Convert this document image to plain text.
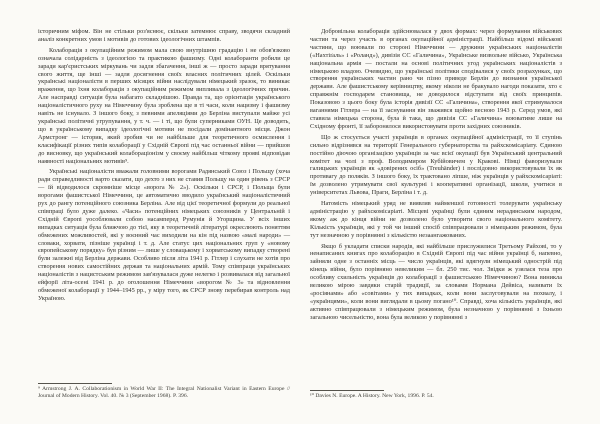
історичним міфом. Він не стільки роз'яснює, скільки затемнює справу, зводячи складний аналіз конкретних умов і мотивів до готових ідеологічних штампів.

Колаборація з окупаційним режимом мала свою внутрішню градацію і не обов'язково означала солідарність з ідеологією та практикою фашизму. Одні колаборанти робили це заради кар'єристських міркувань чи задля збагачення, інші ж — просто заради врятування свого життя, ще інші — задля досягнення своїх власних політичних цілей. Оскільки українські націоналісти в перших місяцях війни наслідували німецький зразок, то виникає враження, що їхня колаборація з окупаційним режимом випливала з ідеологічних причин. Але насправді ситуація була набагато складнішою. Правда та, що орієнтація українського націоналістичного руху на Німеччину була зроблена ще в ті часи, коли нацизму і фашизму навіть не існувало. З іншого боку, з певними апеляціями до Берліна виступали майже усі українські політичні угрупування, у т. ч. — і ті, що були суперниками ОУН. Це доводить, що в українському випадку ідеологічні мотиви не посідали домінантного місця. Джон Армстронг — історик, який зробив чи не найбільше для теоретичного осмислення і класифікації різних типів колаборації у Східній Європі під час останньої війни — прийшов до висновку, що український колабораціонізм у своєму найбільш чіткому прояві відповідав наявності національних мотивів⁹.

Українські націоналісти вважали головними ворогами Радянський Союз і Польщу (хоча ради справедливості варто сказати, що дехто з них не ставив Польщу на один рівень з СРСР — їй відводилося скромніше місце «ворога № 2»). Оскільки і СРСР, і Польща були ворогами фашистської Німеччини, це автоматично вводило український націоналістичний рух до рангу потенційного союзника Берліна. Але від цієї теоретичної формули до реальної співпраці було дуже далеко. «Часи» потенційних німецьких союзників у Центральній і Східній Європі уособлювали собою насамперед Румунія й Угорщина. У всіх інших випадках ситуація була ближчою до тієї, яку в теоретичній літературі окреслюють поняттям обмежених можливостей, які у воєнний час виходили на кін під назвою «малі народи» — словаки, хорвати, пізніше українці і т. д. Але статус цих національних груп у «новому європейському порядку» був різним — лише у словацькому і хорватському випадку створені були залежні від Берліна держави. Особливо після літа 1941 р. Гітлер і слухати не хотів про створення нових самостійних держав та національних армій. Тому співпраця українських націоналістів з нацистським режимом зав'язувалася дуже нелегко і розвивалася від загальної ейфорії літа-осені 1941 р. до оголошення Німеччини «ворогом № 3» та відновлення обмеженої колаборації у 1944–1945 рр., у міру того, як СРСР знову перебирав контроль над Україною.

⁹ Armstrong J. A. Collaborationism in World War II: The Integral Nationalist Variant in Eastern Europe // Journal of Modern History. Vol. 40. № 3 (September 1968). P. 396.

Добровільна колаборація здійснювалася у двох формах: через формування військових частин та через участь в органах окупаційної адміністрації. Найбільш відомі військові частини, що воювали по стороні Німеччини — дружини українських націоналістів («Нахтіґаль» і «Роланд»), дивізія СС «Галичина», Українське визвольне військо, Українська національна армія — постали на основі політичних угод українських націоналістів з німецькою владою. Очевидно, що українські політики сподівалися у своїх розрахунках, що створення українських частин рано чи пізно приведе Берлін до визнання української держави. Але фашистському керівництву, якому ніколи не бракувало нагоди показати, хто є справжнім господарем становища, не доводилося відступати від своїх принципів. Показовою з цього боку була історія дивізії СС «Галичина», створення якої стримувалося ваганнями Гітлера — на її заснування він зважився щойно весною 1943 р. Серед умов, які ставила німецька сторона, була й така, що дивізія СС «Галичина» воюватиме лише на Східному фронті, її заборонялося використовувати проти західних союзників.

Що ж стосується участі українців в органах окупаційної адміністрації, то її ступінь сильно відрізнявся на території Генерального губернаторства та райхскомісаріату. Єдиною постійно діючою організацією українців за час всієї окупації був Український центральний комітет на чолі з проф. Володимиром Кубійовичем у Кракові. Німці фаворизували галицьких українців як «довірених осіб» (Treuhänder) і послідовно використовували їх як противагу до поляків. З іншого боку, їх трактовано ліпше, ніж українців у райхскомісаріаті: їм дозволено утримувати свої культурні і кооперативні організації, школи, учитися в університетах Львова, Праги, Берліна і т. д.

Натомість німецький уряд не виявляв найменшої готовності толерувати українську адміністрацію у райхскомісаріаті. Місцеві українці були єдиним нерадянським народом, якому аж до кінця війни не дозволено було утворити свого національного комітету. Кількість українців, які у той чи інший спосіб співпрацювали з німецьким режимом, була тут незначною у порівнянні з кількістю незаангажованих.

Якщо б укладати списки народів, які найбільше прислужилися Третьому Райхові, то у ненаписаних книгах про колаборацію в Східній Європі під час війни українці б, напевно, зайняли одне з останніх місць — число українців, які вдягнули німецький однострій під кінець війни, було порівняно невеликим — бл. 250 тис. чол. Звідки ж узялася теза про особливу схильність українців до колаборації з фашистською Німеччиною? Вона виникла великою мірою завдяки старій традиції, за словами Нормана Дейвіса, називати їх «росіянами» або «совітами» у тих випадках, коли вони заслуговували на похвалу, і «українцями», коли вони виглядали в цьому погано¹⁰. Справді, хоча кількість українців, які активно співпрацювали з німецьким режимом, була незначною у порівнянні з їхньою загальною чисельністю, вона була великою у порівнянні з

¹⁰ Davies N. Europe. A History. New York, 1996. P. 54.
